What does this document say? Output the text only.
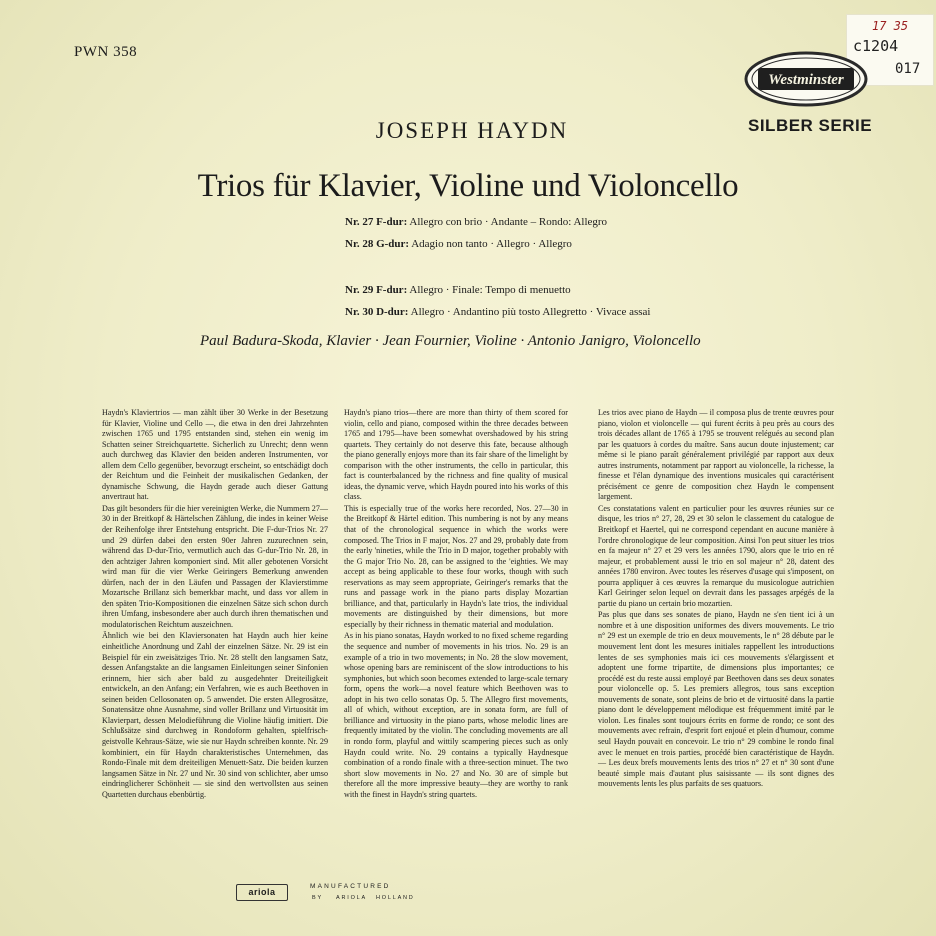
PWN 358
17 35
c1204
017
Westminster
SILBER SERIE
JOSEPH HAYDN
Trios für Klavier, Violine und Violoncello
Nr. 27 F-dur: Allegro con brio · Andante – Rondo: Allegro
Nr. 28 G-dur: Adagio non tanto · Allegro · Allegro
Nr. 29 F-dur: Allegro · Finale: Tempo di menuetto
Nr. 30 D-dur: Allegro · Andantino più tosto Allegretto · Vivace assai
Paul Badura-Skoda, Klavier · Jean Fournier, Violine · Antonio Janigro, Violoncello

Haydn's Klaviertrios — man zählt über 30 Werke in der Besetzung für Klavier, Violine und Cello —, die etwa in den drei Jahrzehnten zwischen 1765 und 1795 entstanden sind, stehen ein wenig im Schatten seiner Streichquartette. Sicherlich zu Unrecht; denn wenn auch durchweg das Klavier den beiden anderen Instrumenten, vor allem dem Cello gegenüber, bevorzugt erscheint, so entschädigt doch der Reichtum und die Feinheit der musikalischen Gedanken, der dynamische Schwung, die Haydn gerade auch dieser Gattung anvertraut hat.

Das gilt besonders für die hier vereinigten Werke, die Nummern 27—30 in der Breitkopf & Härtelschen Zählung, die indes in keiner Weise der Reihenfolge ihrer Entstehung entspricht. Die F-dur-Trios Nr. 27 und 29 dürfen dabei den ersten 90er Jahren zuzurechnen sein, während das D-dur-Trio, vermutlich auch das G-dur-Trio Nr. 28, in den achtziger Jahren komponiert sind. Mit aller gebotenen Vorsicht wird man für die vier Werke Geiringers Bemerkung anwenden dürfen, nach der in den Läufen und Passagen der Klavierstimme Mozartsche Brillanz sich bemerkbar macht, und dass vor allem in den späten Trio-Kompositionen die einzelnen Sätze sich schon durch ihren Umfang, insbesondere aber auch durch ihren thematischen und modulatorischen Reichtum auszeichnen.

Ähnlich wie bei den Klaviersonaten hat Haydn auch hier keine einheitliche Anordnung und Zahl der einzelnen Sätze. Nr. 29 ist ein Beispiel für ein zweisätziges Trio. Nr. 28 stellt den langsamen Satz, dessen Anfangstakte an die langsamen Einleitungen seiner Sinfonien erinnern, hier sich aber bald zu ausgedehnter Dreiteiligkeit entwickeln, an den Anfang; ein Verfahren, wie es auch Beethoven in seinen beiden Cellosonaten op. 5 anwendet. Die ersten Allegrosätze, Sonatensätze ohne Ausnahme, sind voller Brillanz und Virtuosität im Klavierpart, dessen Melodieführung die Violine häufig imitiert. Die Schlußsätze sind durchweg in Rondoform gehalten, spielfrisch-geistvolle Kehraus-Sätze, wie sie nur Haydn schreiben konnte. Nr. 29 kombiniert, ein für Haydn charakteristisches Unternehmen, das Rondo-Finale mit dem dreiteiligen Menuett-Satz. Die beiden kurzen langsamen Sätze in Nr. 27 und Nr. 30 sind von schlichter, aber umso eindringlicherer Schönheit — sie sind den wertvollsten aus seinen Quartetten durchaus ebenbürtig.

Haydn's piano trios—there are more than thirty of them scored for violin, cello and piano, composed within the three decades between 1765 and 1795—have been somewhat overshadowed by his string quartets. They certainly do not deserve this fate, because although the piano generally enjoys more than its fair share of the limelight by comparison with the other instruments, the cello in particular, this fact is counterbalanced by the richness and fine quality of musical ideas, the dynamic verve, which Haydn poured into his works of this class.

This is especially true of the works here recorded, Nos. 27—30 in the Breitkopf & Härtel edition. This numbering is not by any means that of the chronological sequence in which the works were composed. The Trios in F major, Nos. 27 and 29, probably date from the early 'nineties, while the Trio in D major, together probably with the G major Trio No. 28, can be assigned to the 'eighties. We may accept as being applicable to these four works, though with such reservations as may seem appropriate, Geiringer's remarks that the runs and passage work in the piano parts display Mozartian brilliance, and that, particularly in Haydn's late trios, the individual movements are distinguished by their dimensions, but more especially by their richness in thematic material and modulation.

As in his piano sonatas, Haydn worked to no fixed scheme regarding the sequence and number of movements in his trios. No. 29 is an example of a trio in two movements; in No. 28 the slow movement, whose opening bars are reminiscent of the slow introductions to his symphonies, but which soon becomes extended to large-scale ternary form, opens the work—a novel feature which Beethoven was to adopt in his two cello sonatas Op. 5. The Allegro first movements, all of which, without exception, are in sonata form, are full of brilliance and virtuosity in the piano parts, whose melodic lines are frequently imitated by the violin. The concluding movements are all in rondo form, playful and wittily scampering pieces such as only Haydn could write. No. 29 contains a typically Haydnesque combination of a rondo finale with a three-section minuet. The two short slow movements in No. 27 and No. 30 are of simple but therefore all the more impressive beauty—they are worthy to rank with the finest in Haydn's string quartets.

Les trios avec piano de Haydn — il composa plus de trente œuvres pour piano, violon et violoncelle — qui furent écrits à peu près au cours des trois décades allant de 1765 à 1795 se trouvent relégués au second plan par les quatuors à cordes du maître. Sans aucun doute injustement; car même si le piano paraît généralement privilégié par rapport aux deux autres instruments, notamment par rapport au violoncelle, la richesse, la finesse et l'élan dynamique des inventions musicales qui caractérisent précisément ce genre de composition chez Haydn le compensent largement.

Ces constatations valent en particulier pour les œuvres réunies sur ce disque, les trios n° 27, 28, 29 et 30 selon le classement du catalogue de Breitkopf et Haertel, qui ne correspond cependant en aucune manière à l'ordre chronologique de leur composition. Ainsi l'on peut situer les trios en fa majeur n° 27 et 29 vers les années 1790, alors que le trio en ré majeur, et probablement aussi le trio en sol majeur n° 28, datent des années 1780 environ. Avec toutes les réserves d'usage qui s'imposent, on pourra appliquer à ces œuvres la remarque du musicologue autrichien Karl Geiringer selon lequel on devrait dans les passages arpégés de la partie du piano un certain brio mozartien.

Pas plus que dans ses sonates de piano, Haydn ne s'en tient ici à un nombre et à une disposition uniformes des divers mouvements. Le trio n° 29 est un exemple de trio en deux mouvements, le n° 28 débute par le mouvement lent dont les mesures initiales rappellent les introductions lentes de ses symphonies mais ici ces mouvements s'élargissent et adoptent une forme tripartite, de dimensions plus importantes; ce procédé est du reste aussi employé par Beethoven dans ses deux sonates pour violoncelle op. 5. Les premiers allegros, tous sans exception mouvements de sonate, sont pleins de brio et de virtuosité dans la partie piano dont le développement mélodique est fréquemment imité par le violon. Les finales sont toujours écrits en forme de rondo; ce sont des mouvements avec refrain, d'esprit fort enjoué et plein d'humour, comme seul Haydn pouvait en concevoir. Le trio n° 29 combine le rondo final avec le menuet en trois parties, procédé bien caractéristique de Haydn. — Les deux brefs mouvements lents des trios n° 27 et n° 30 sont d'une beauté simple mais d'autant plus saisissante — ils sont dignes des mouvements lents les plus parfaits de ses quatuors.

ariola
MANUFACTURED
BY ARIOLA HOLLAND
